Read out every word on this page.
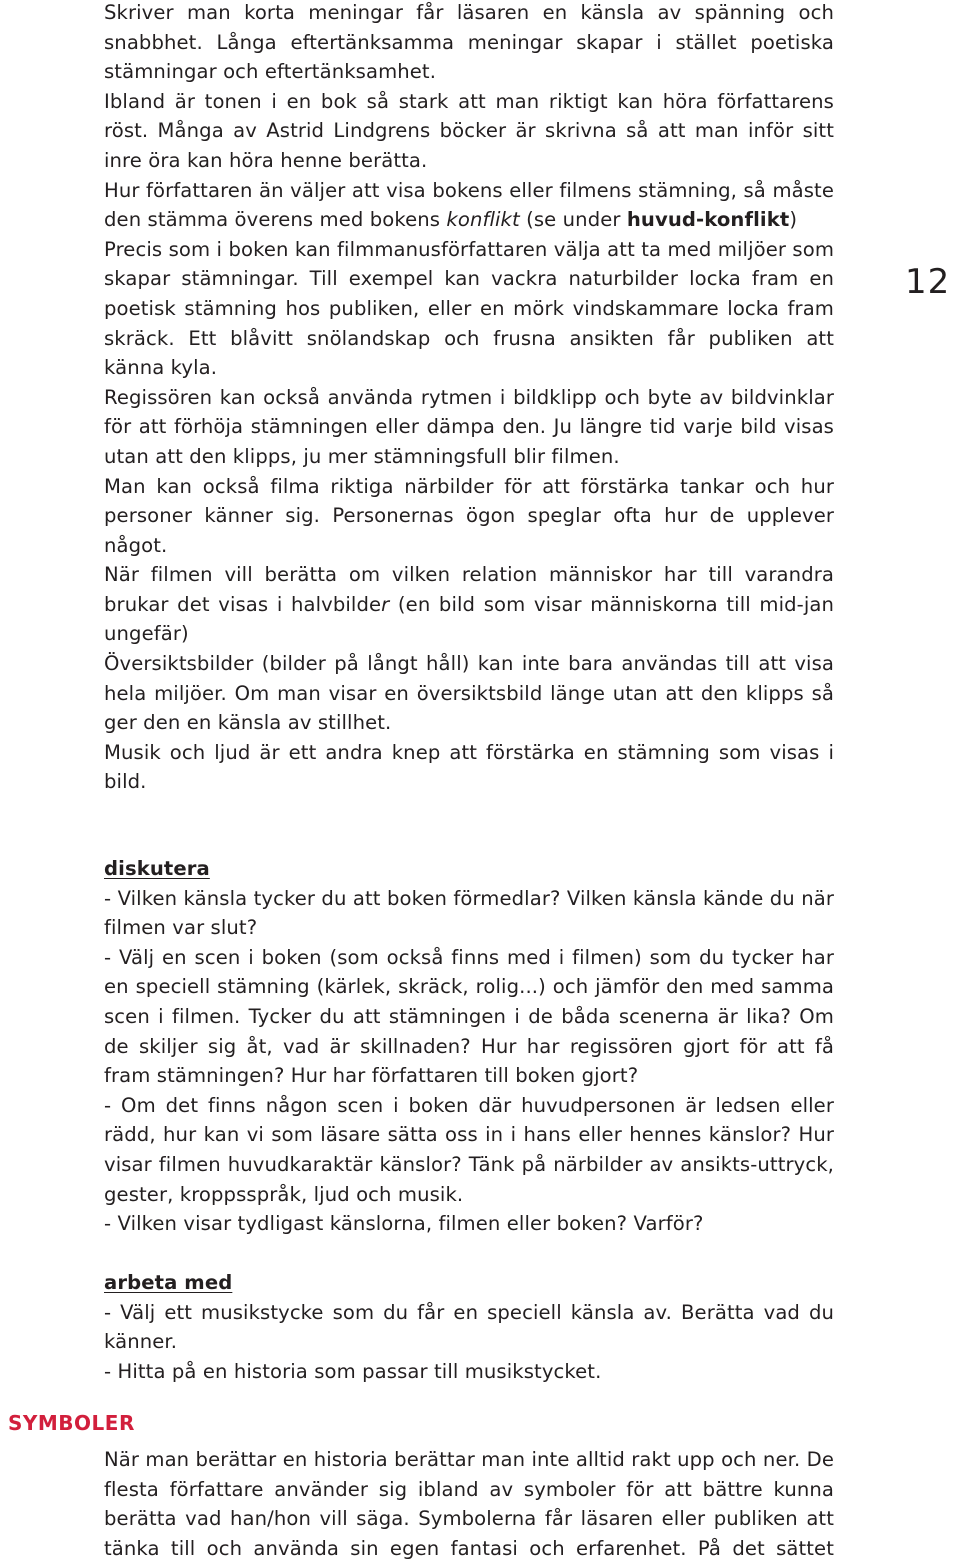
Skriver man korta meningar får läsaren en känsla av spänning och snabbhet. Långa eftertänksamma meningar skapar i stället poetiska stämningar och eftertänksamhet.

Ibland är tonen i en bok så stark att man riktigt kan höra författarens röst. Många av Astrid Lindgrens böcker är skrivna så att man inför sitt inre öra kan höra henne berätta.

Hur författaren än väljer att visa bokens eller filmens stämning, så måste den stämma överens med bokens konflikt (se under huvud-konflikt)

Precis som i boken kan filmmanusförfattaren välja att ta med miljöer som skapar stämningar. Till exempel kan vackra naturbilder locka fram en poetisk stämning hos publiken, eller en mörk vindskammare locka fram skräck. Ett blåvitt snölandskap och frusna ansikten får publiken att känna kyla.

Regissören kan också använda rytmen i bildklipp och byte av bildvinklar för att förhöja stämningen eller dämpa den. Ju längre tid varje bild visas utan att den klipps, ju mer stämningsfull blir filmen.

Man kan också filma riktiga närbilder för att förstärka tankar och hur personer känner sig. Personernas ögon speglar ofta hur de upplever något.

När filmen vill berätta om vilken relation människor har till varandra brukar det visas i halvbilder (en bild som visar människorna till mid-jan ungefär)

Översiktsbilder (bilder på långt håll) kan inte bara användas till att visa hela miljöer. Om man visar en översiktsbild länge utan att den klipps så ger den en känsla av stillhet.

Musik och ljud är ett andra knep att förstärka en stämning som visas i bild.

diskutera

- Vilken känsla tycker du att boken förmedlar? Vilken känsla kände du när filmen var slut?

- Välj en scen i boken (som också finns med i filmen) som du tycker har en speciell stämning (kärlek, skräck, rolig...) och jämför den med samma scen i filmen. Tycker du att stämningen i de båda scenerna är lika? Om de skiljer sig åt, vad är skillnaden? Hur har regissören gjort för att få fram stämningen? Hur har författaren till boken gjort?

- Om det finns någon scen i boken där huvudpersonen är ledsen eller rädd, hur kan vi som läsare sätta oss in i hans eller hennes känslor? Hur visar filmen huvudkaraktär känslor? Tänk på närbilder av ansikts-uttryck, gester, kroppsspråk, ljud och musik.

- Vilken visar tydligast känslorna, filmen eller boken? Varför?

arbeta med

- Välj ett musikstycke som du får en speciell känsla av. Berätta vad du känner.

- Hitta på en historia som passar till musikstycket.

SYMBOLER

När man berättar en historia berättar man inte alltid rakt upp och ner. De flesta författare använder sig ibland av symboler för att bättre kunna berätta vad han/hon vill säga. Symbolerna får läsaren eller publiken att tänka till och använda sin egen fantasi och erfarenhet. På det sättet

12
